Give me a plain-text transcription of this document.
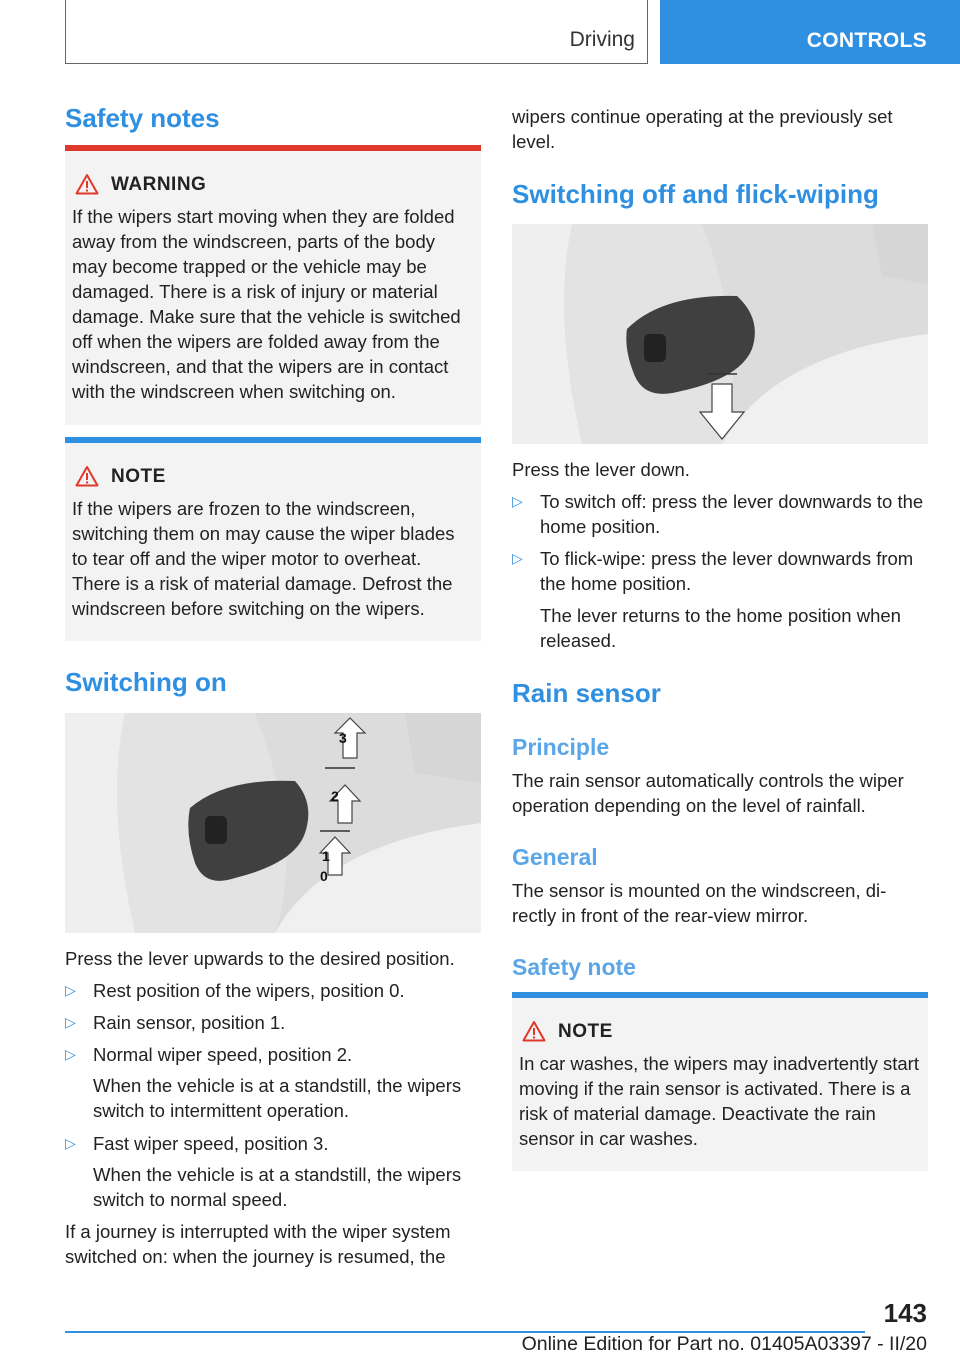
Driving	CONTROLS
Safety notes
WARNING
If the wipers start moving when they are folded away from the windscreen, parts of the body may become trapped or the vehicle may be damaged. There is a risk of injury or material damage. Make sure that the vehicle is switched off when the wipers are folded away from the windscreen, and that the wipers are in contact with the windscreen when switching on.
NOTE
If the wipers are frozen to the windscreen, switching them on may cause the wiper blades to tear off and the wiper motor to overheat. There is a risk of material damage. Defrost the windscreen before switching on the wipers.
Switching on
3
2
1
0

Press the lever upwards to the desired position.

▷ Rest position of the wipers, position 0.
▷ Rain sensor, position 1.
▷ Normal wiper speed, position 2.

When the vehicle is at a standstill, the wipers switch to intermittent operation.

▷ Fast wiper speed, position 3.

When the vehicle is at a standstill, the wipers switch to normal speed.

If a journey is interrupted with the wiper system switched on: when the journey is resumed, the

wipers continue operating at the previously set level.

Switching off and flick-wiping

Press the lever down.

▷ To switch off: press the lever downwards to the home position.
▷ To flick-wipe: press the lever downwards from the home position.

The lever returns to the home position when released.

Rain sensor
Principle

The rain sensor automatically controls the wiper operation depending on the level of rainfall.

General

The sensor is mounted on the windscreen, di-rectly in front of the rear-view mirror.

Safety note
NOTE
In car washes, the wipers may inadvertently start moving if the rain sensor is activated. There is a risk of material damage. Deactivate the rain sensor in car washes.
143
Online Edition for Part no. 01405A03397 - II/20
